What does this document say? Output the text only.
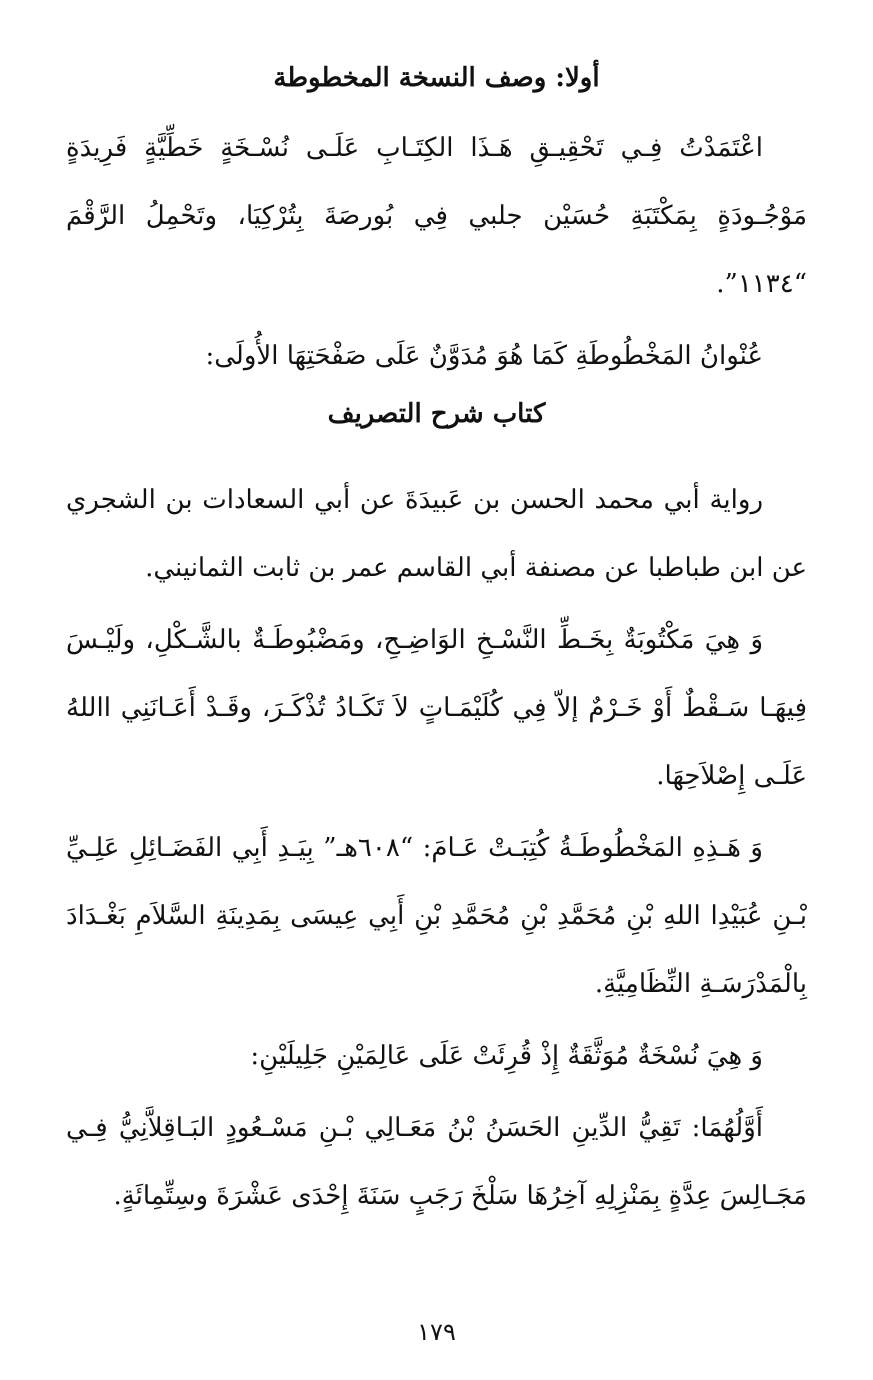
أولا: وصف النسخة المخطوطة

اعْتَمَدْتُ فِـي تَحْقِيـقِ هَـذَا الكِتَـابِ عَلَـى نُسْـخَةٍ خَطِّيَّةٍ فَرِيدَةٍ مَوْجُـودَةٍ بِمَكْتَبَةِ حُسَيْن جلبي فِي بُورصَةَ بِتُرْكِيَا، وتَحْمِلُ الرَّقْمَ “١١٣٤”.

عُنْوانُ المَخْطُوطَةِ كَمَا هُوَ مُدَوَّنٌ عَلَى صَفْحَتِهَا الأُولَى:

كتاب شرح التصريف

رواية أبي محمد الحسن بن عَبيدَةَ عن أبي السعادات بن الشجري عن ابن طباطبا عن مصنفة أبي القاسم عمر بن ثابت الثمانيني.

وَ هِيَ مَكْتُوبَةٌ بِخَـطِّ النَّسْـخِ الوَاضِـحِ، ومَضْبُوطَـةٌ بالشَّـكْلِ، ولَيْـسَ فِيهَـا سَـقْطٌ أَوْ خَـرْمٌ إلاّ فِي كُلَيْمَـاتٍ لاَ تَكَـادُ تُذْكَـرَ، وقَـدْ أَعَـانَنِي االلهُ عَلَـى إِصْلاَحِهَا.

وَ هَـذِهِ المَخْطُوطَـةُ كُتِبَـتْ عَـامَ: “٦٠٨هـ” بِيَـدِ أَبِي الفَضَـائِلِ عَلِـيِّ بْـنِ عُبَيْدِا اللهِ بْنِ مُحَمَّدِ بْنِ مُحَمَّدِ بْنِ أَبِي عِيسَى بِمَدِينَةِ السَّلاَمِ بَغْـدَادَ بِالْمَدْرَسَـةِ النِّظَامِيَّةِ.

وَ هِيَ نُسْخَةٌ مُوَثَّقَةٌ إِذْ قُرِئَتْ عَلَى عَالِمَيْنِ جَلِيلَيْنِ:

أَوَّلُهُمَا: تَقِيُّ الدِّينِ الحَسَنُ بْنُ مَعَـالِي بْـنِ مَسْـعُودٍ البَـاقِلاَّنِيُّ فِـي مَجَـالِسَ عِدَّةٍ بِمَنْزِلِهِ آخِرُهَا سَلْخَ رَجَبٍ سَنَةَ إِحْدَى عَشْرَةَ وسِتِّمِائَةٍ.

١٧٩
